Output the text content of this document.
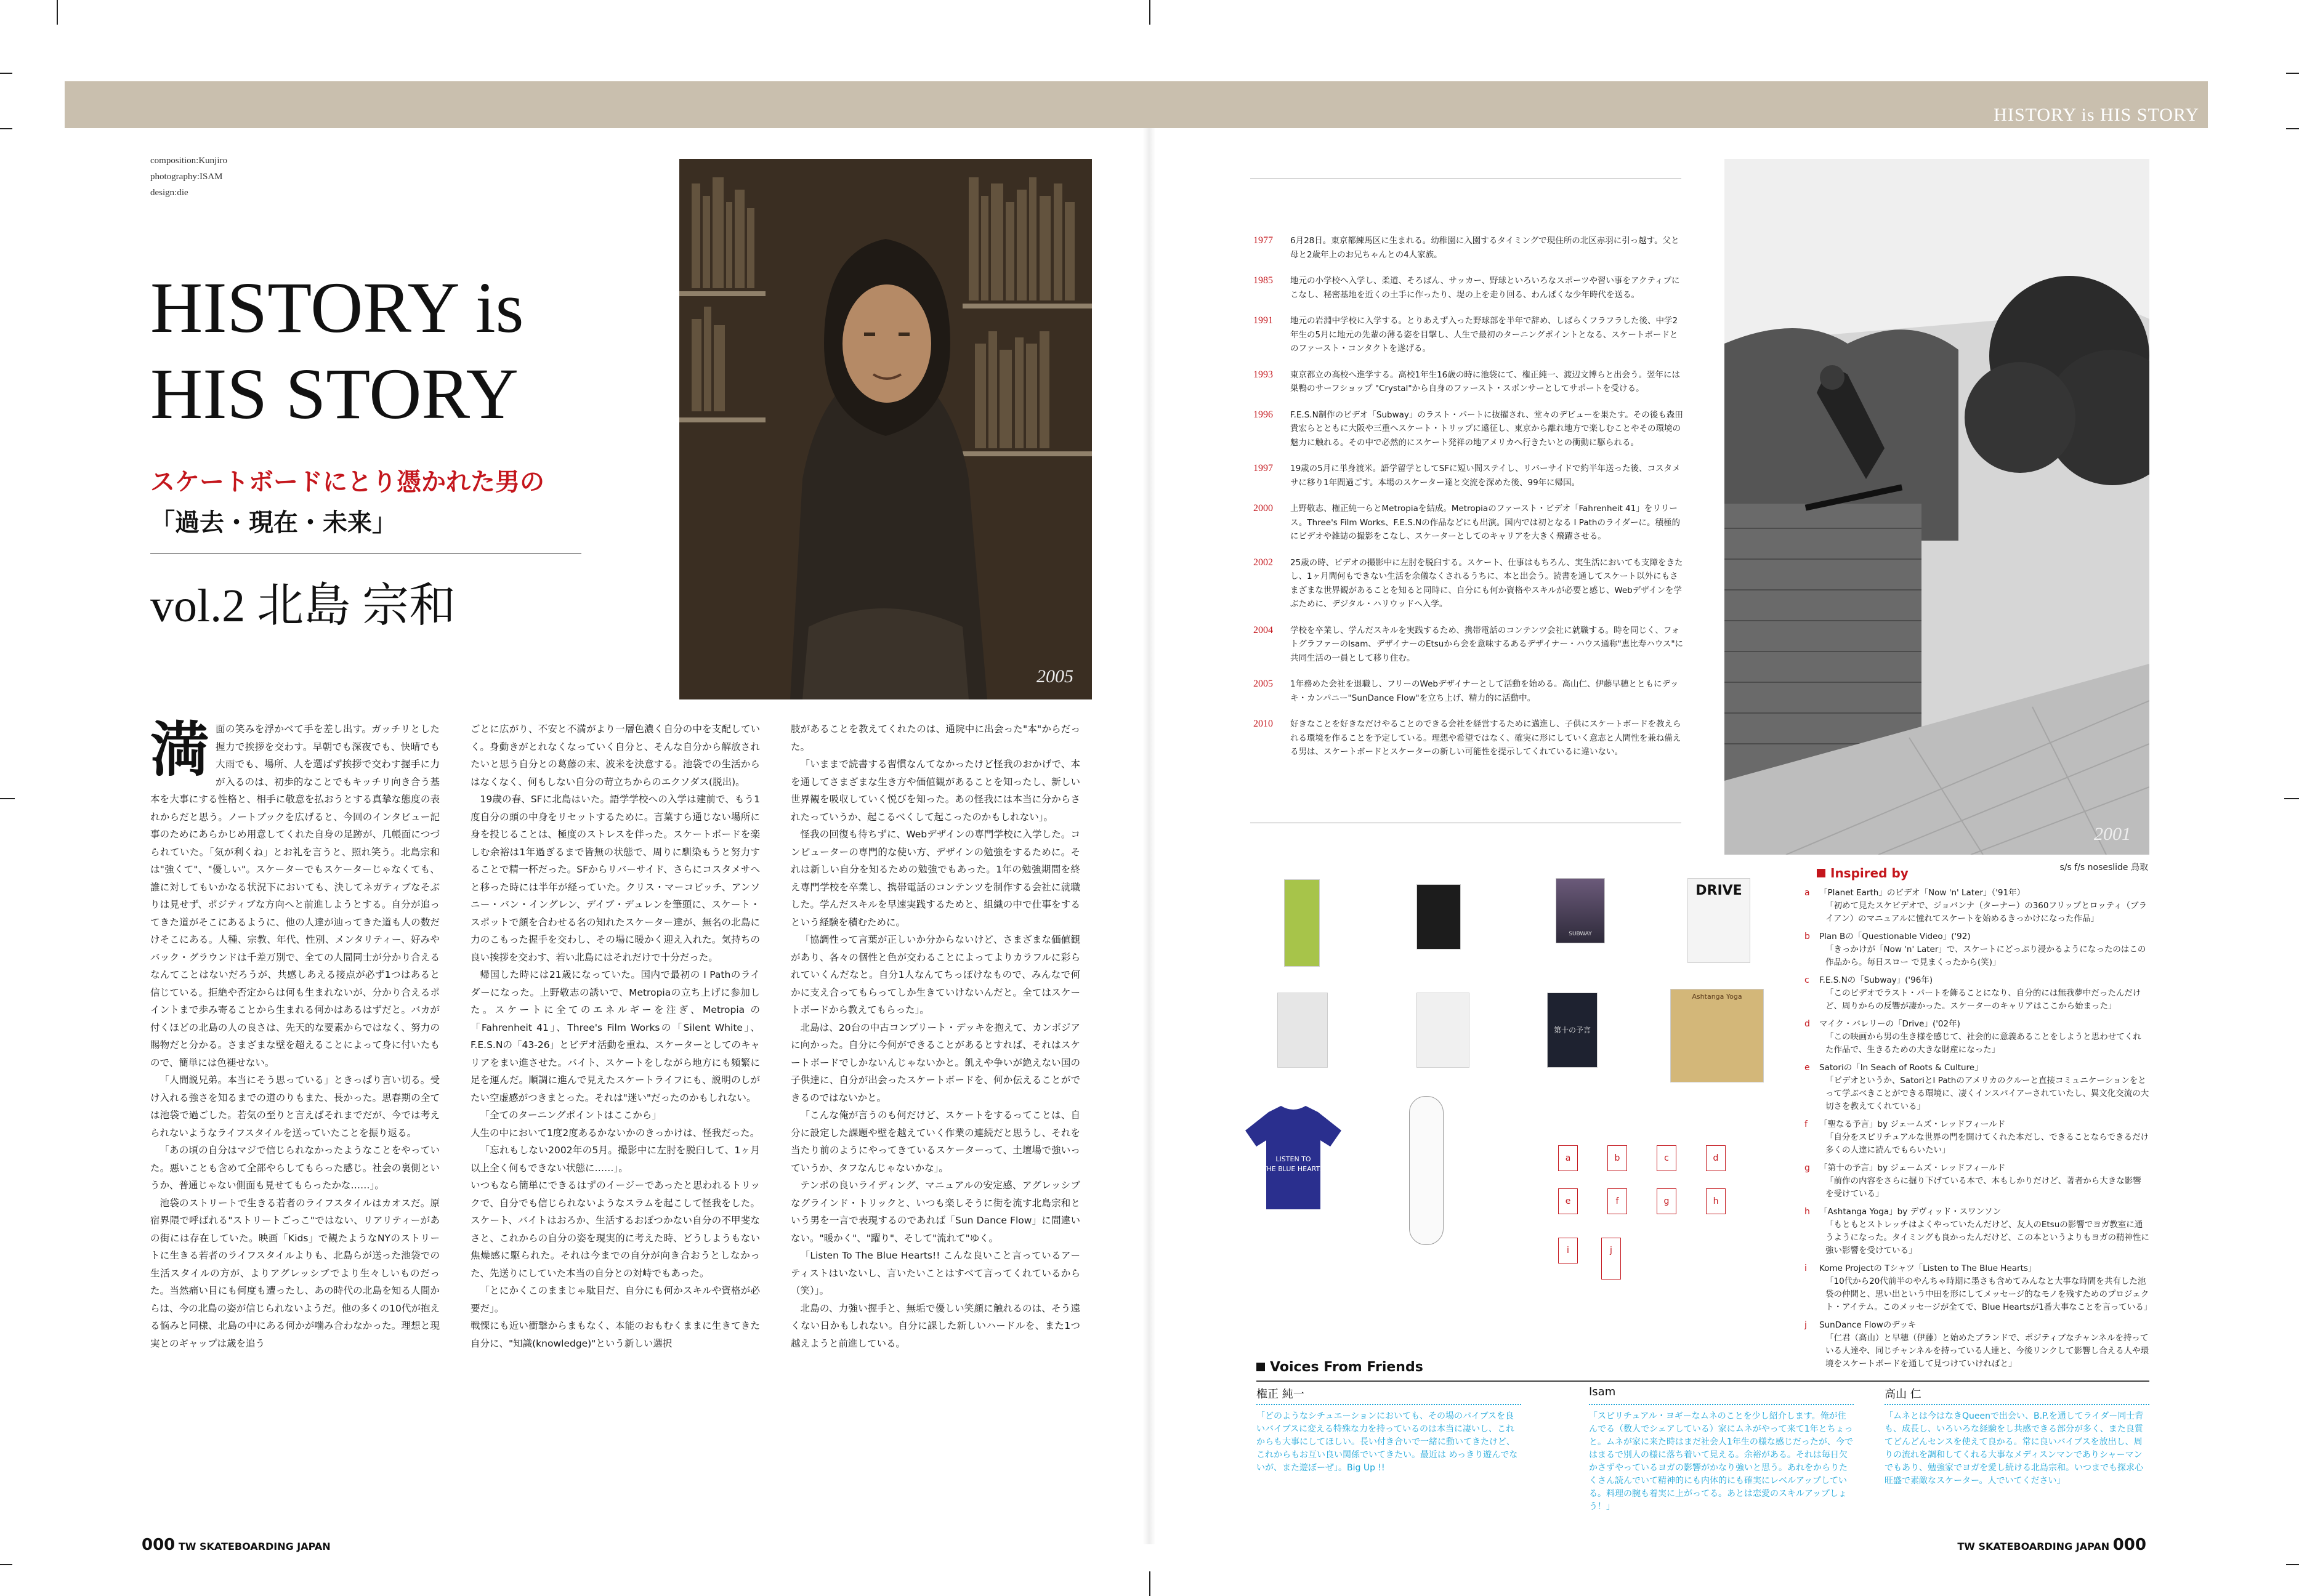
HISTORY is HIS STORY
composition:Kunjiro
photography:ISAM
design:die
HISTORY is
HIS STORY
スケートボードにとり憑かれた男の
「過去・現在・未来」
vol.2 北島 宗和
2005
満 面の笑みを浮かべて手を差し出す。ガッチリとした握力で挨拶を交わす。早朝でも深夜でも、快晴でも大雨でも、場所、人を選ばず挨拶で交わす握手に力が入るのは、初歩的なことでもキッチリ向き合う基本を大事にする性格と、相手に敬意を払おうとする真摯な態度の表れからだと思う。ノートブックを広げると、今回のインタビュー記事のためにあらかじめ用意してくれた自身の足跡が、几帳面につづられていた。「気が利くね」とお礼を言うと、照れ笑う。北島宗和は"強くて"、"優しい"。スケーターでもスケーターじゃなくても、誰に対してもいかなる状況下においても、決してネガティブなそぶりは見せず、ポジティブな方向へと前進しようとする。自分が追ってきた道がそこにあるように、他の人達が辿ってきた道も人の数だけそこにある。人種、宗教、年代、性別、メンタリティー、好みやバック・グラウンドは千差万別で、全ての人間同士が分かり合えるなんてことはないだろうが、共感しあえる接点が必ず1つはあると信じている。拒絶や否定からは何も生まれないが、分かり合えるポイントまで歩み寄ることから生まれる何かはあるはずだと。バカが付くほどの北島の人の良さは、先天的な要素からではなく、努力の賜物だと分かる。さまざまな壁を超えることによって身に付いたもので、簡単には色褪せない。

「人間説兄弟。本当にそう思っている」ときっぱり言い切る。受け入れる強さを知るまでの道のりもまた、長かった。思春期の全ては池袋で過ごした。若気の至りと言えばそれまでだが、今では考えられないようなライフスタイルを送っていたことを振り返る。

「あの頃の自分はマジで信じられなかったようなことをやっていた。悪いことも含めて全部やらしてもらった感じ。社会の裏側というか、普通じゃない側面も見せてもらったかな……」。

池袋のストリートで生きる若者のライフスタイルはカオスだ。原宿界隈で呼ばれる"ストリートごっこ"ではない、リアリティーがあの街には存在していた。映画「Kids」で観たようなNYのストリートに生きる若者のライフスタイルよりも、北島らが送った池袋での生活スタイルの方が、よりアグレッシブでより生々しいものだった。当然痛い目にも何度も遭ったし、あの時代の北島を知る人間からは、今の北島の姿が信じられないようだ。他の多くの10代が抱える悩みと同様、北島の中にある何かが噛み合わなかった。理想と現実とのギャップは歳を追う

ごとに広がり、不安と不満がより一層色濃く自分の中を支配していく。身動きがとれなくなっていく自分と、そんな自分から解放されたいと思う自分との葛藤の末、波米を決意する。池袋での生活からはなくなく、何もしない自分の苛立ちからのエクソダス(脱出)。

19歳の春、SFに北島はいた。語学学校への入学は建前で、もう1度自分の頭の中身をリセットするために。言葉すら通じない場所に身を投じることは、極度のストレスを伴った。スケートボードを楽しむ余裕は1年過ぎるまで皆無の状態で、周りに馴染もうと努力することで精一杯だった。SFからリバーサイド、さらにコスタメサへと移った時には半年が経っていた。クリス・マーコビッチ、アンソニー・バン・イングレン、デイブ・デュレンを筆頭に、スケート・スポットで顔を合わせる名の知れたスケーター達が、無名の北島に力のこもった握手を交わし、その場に暖かく迎え入れた。気持ちの良い挨拶を交わす、若い北島にはそれだけで十分だった。

帰国した時には21歳になっていた。国内で最初の I Pathのライダーになった。上野敬志の誘いで、Metropiaの立ち上げに参加した。スケートに全てのエネルギーを注ぎ、Metropia の「Fahrenheit 41」、Three's Film Worksの「Silent White」、F.E.S.Nの「43-26」とビデオ活動を重ね、スケーターとしてのキャリアをまい進させた。バイト、スケートをしながら地方にも頻繁に足を運んだ。順調に進んで見えたスケートライフにも、説明のしがたい空虚感がつきまとった。それは"迷い"だったのかもしれない。

「全てのターニングポイントはここから」

人生の中において1度2度あるかないかのきっかけは、怪我だった。

「忘れもしない2002年の5月。撮影中に左肘を脱臼して、1ヶ月以上全く何もできない状態に……」。

いつもなら簡単にできるはずのイージーであったと思われるトリックで、自分でも信じられないようなスラムを起こして怪我をした。スケート、バイトはおろか、生活するおぼつかない自分の不甲斐なさと、これからの自分の姿を現実的に考えた時、どうしようもない焦燥感に駆られた。それは今までの自分が向き合おうとしなかった、先送りにしていた本当の自分との対峙でもあった。

「とにかくこのままじゃ駄目だ、自分にも何かスキルや資格が必要だ」。

戦慄にも近い衝撃からまもなく、本能のおもむくままに生きてきた自分に、"知識(knowledge)"という新しい選択

肢があることを教えてくれたのは、通院中に出会った"本"からだった。

「いままで読書する習慣なんてなかったけど怪我のおかげで、本を通してさまざまな生き方や価値観があることを知ったし、新しい世界観を吸収していく悦びを知った。あの怪我には本当に分からされたっていうか、起こるべくして起こったのかもしれない」。

怪我の回復も待ちずに、Webデザインの専門学校に入学した。コンピューターの専門的な使い方、デザインの勉強をするために。それは新しい自分を知るための勉強でもあった。1年の勉強期間を終え専門学校を卒業し、携帯電話のコンテンツを制作する会社に就職した。学んだスキルを早速実践するためと、組織の中で仕事をするという経験を積むために。

「協調性って言葉が正しいか分からないけど、さまざまな価値観があり、各々の個性と色が交わることによってよりカラフルに彩られていくんだなと。自分1人なんてちっぽけなもので、みんなで何かに支え合ってもらってしか生きていけないんだと。全てはスケートボードから教えてもらった」。

北島は、20台の中古コンプリート・デッキを抱えて、カンボジアに向かった。自分に今何ができることがあるとすれば、それはスケートボードでしかないんじゃないかと。飢えや争いが絶えない国の子供達に、自分が出会ったスケートボードを、何か伝えることができるのではないかと。

「こんな俺が言うのも何だけど、スケートをするってことは、自分に設定した課題や壁を越えていく作業の連続だと思うし、それを当たり前のようにやってきているスケーターって、土壇場で強いっていうか、タフなんじゃないかな」。

テンポの良いライディング、マニュアルの安定感、アグレッシブなグラインド・トリックと、いつも楽しそうに街を流す北島宗和という男を一言で表現するのであれば「Sun Dance Flow」に間違いない。"暖かく"、"躍り"、そして"流れて"ゆく。

「Listen To The Blue Hearts!! こんな良いこと言っているアーティストはいないし、言いたいことはすべて言ってくれているから（笑）」。

北島の、力強い握手と、無垢で優しい笑顔に触れるのは、そう遠くない日かもしれない。自分に課した新しいハードルを、また1つ越えようと前進している。

000 TW SKATEBOARDING JAPAN
1977 6月28日。東京都練馬区に生まれる。幼稚園に入園するタイミングで現住所の北区赤羽に引っ越す。父と母と2歳年上のお兄ちゃんとの4人家族。
1985 地元の小学校へ入学し、柔道、そろばん、サッカー、野球といろいろなスポーツや習い事をアクティブにこなし、秘密基地を近くの土手に作ったり、堤の上を走り回る、わんぱくな少年時代を送る。
1991 地元の岩淵中学校に入学する。とりあえず入った野球部を半年で辞め、しばらくフラフラした後、中学2年生の5月に地元の先輩の薄る姿を目撃し、人生で最初のターニングポイントとなる、スケートボードとのファースト・コンタクトを遂げる。
1993 東京都立の高校へ進学する。高校1年生16歳の時に池袋にて、権正純一、渡辺文博らと出会う。翌年には巣鴨のサーフショップ "Crystal"から自身のファースト・スポンサーとしてサポートを受ける。
1996 F.E.S.N制作のビデオ「Subway」のラスト・パートに抜擢され、堂々のデビューを果たす。その後も森田貴宏らとともに大阪や三重へスケート・トリップに遠征し、東京から離れ地方で楽しむことやその環境の魅力に触れる。その中で必然的にスケート発祥の地アメリカへ行きたいとの衝動に駆られる。
1997 19歳の5月に単身渡米。語学留学としてSFに短い間ステイし、リバーサイドで約半年送った後、コスタメサに移り1年間過ごす。本場のスケーター達と交流を深めた後、99年に帰国。
2000 上野敬志、権正純一らとMetropiaを結成。Metropiaのファースト・ビデオ「Fahrenheit 41」をリリース。Three's Film Works、F.E.S.Nの作品などにも出演。国内では初となる I Pathのライダーに。積極的にビデオや雑誌の撮影をこなし、スケーターとしてのキャリアを大きく飛躍させる。
2002 25歳の時、ビデオの撮影中に左肘を脱臼する。スケート、仕事はもちろん、実生活においても支障をきたし、1ヶ月間何もできない生活を余儀なくされるうちに、本と出会う。読書を通してスケート以外にもさまざまな世界観があることを知ると同時に、自分にも何か資格やスキルが必要と感じ、Webデザインを学ぶために、デジタル・ハリウッドへ入学。
2004 学校を卒業し、学んだスキルを実践するため、携帯電話のコンテンツ会社に就職する。時を同じく、フォトグラファーのIsam、デザイナーのEtsuから会を意味するあるデザイナー・ハウス通称"恵比寿ハウス"に共同生活の一員として移り住む。
2005 1年務めた会社を退職し、フリーのWebデザイナーとして活動を始める。高山仁、伊藤早穂とともにデッキ・カンパニー"SunDance Flow"を立ち上げ、精力的に活動中。
2010 好きなことを好きなだけやることのできる会社を経営するために邁進し、子供にスケートボードを教えられる環境を作ることを予定している。理想や希望ではなく、確実に形にしていく意志と人間性を兼ね備える男は、スケートボードとスケーターの新しい可能性を提示してくれているに違いない。
2001
s/s f/s noseslide 鳥取
SUBWAY
DRIVE
第十の予言
Ashtanga Yoga
LISTEN TO
THE BLUE HEARTS
a	b	c	d
e	f	g	h
i	j
Inspired by
a 「Planet Earth」のビデオ「Now 'n' Later」（'91年）
「初めて見たスケビデオで、ジョバンナ（ターナー）の360フリップとロッティ（ブライアン）のマニュアルに憧れてスケートを始めるきっかけになった作品」
b Plan Bの「Questionable Video」('92)
「きっかけが「Now 'n' Later」で、スケートにどっぷり浸かるようになったのはこの作品から。毎日スロー で見まくったから(笑)」
c F.E.S.Nの「Subway」('96年)
「このビデオでラスト・パートを飾ることになり、自分的には無我夢中だったんだけど、周りからの反響が凄かった。スケーターのキャリアはここから始まった」
d マイク・バレリーの「Drive」('02年)
「この映画から男の生き様を感じて、社会的に意義あることをしようと思わせてくれた作品で、生きるための大きな財産になった」
e Satoriの「In Seach of Roots & Culture」
「ビデオというか、SatoriとI Pathのアメリカのクルーと直接コミュニケーションをとって学ぶべきことができる環境に、凄くインスパイアーされていたし、異文化交流の大切さを教えてくれている」
f 「聖なる予言」by ジェームズ・レッドフィールド
「自分をスピリチュアルな世界の門を開けてくれた本だし、できることならできるだけ多くの人達に読んでもらいたい」
g 「第十の予言」by ジェームズ・レッドフィールド
「前作の内容をさらに掘り下げている本で、本もしかりだけど、著者から大きな影響を受けている」
h 「Ashtanga Yoga」by デヴィッド・スワンソン
「もともとストレッチはよくやっていたんだけど、友人のEtsuの影響でヨガ教室に通うようになった。タイミングも良かったんだけど、この本というよりもヨガの精神性に強い影響を受けている」
i Kome Projectの Tシャツ「Listen to The Blue Hearts」
「10代から20代前半のやんちゃ時期に墨さも含めてみんなと大事な時間を共有した池袋の仲間と、思い出という中田を形にしてメッセージ的なモノを残すためのプロジェクト・アイテム。このメッセージが全てで、Blue Heartsが1番大事なことを言っている」
j SunDance Flowのデッキ
「仁君（高山）と早穂（伊藤）と始めたブランドで、ポジティブなチャンネルを持っている人達や、同じチャンネルを持っている人達と、今後リンクして影響し合える人や環境をスケートボードを通して見つけていければと」
Voices From Friends
権正 純一
「どのようなシチュエーションにおいても、その場のバイブスを良いバイブスに変える特殊な力を持っているのは本当に凄いし、これからも大事にしてほしい。長い付き合いで一緒に動いてきたけど、これからもお互い良い関係でいてきたい。最近は めっきり遊んでないが、また遊ぼーぜ」。Big Up !!
Isam
「スピリチュアル・ヨギーなムネのことを少し紹介します。俺が住んでる（数人でシェアしている）家にムネがやって来て1年とちょっと。ムネが家に来た時はまだ社会人1年生の様な感じだったが、今ではまるで別人の様に落ち着いて見える。余裕がある。それは毎日欠かさずやっているヨガの影響がかなり強いと思う。あれをからりたくさん読んでいて精神的にも内体的にも確実にレベルアップしている。料理の腕も着実に上がってる。あとは恋愛のスキルアップしょう！」
高山 仁
「ムネとは今はなきQueenで出会い、B.P.を通してライダー同士背も、成長し、いろいろな経験をし共感できる部分が多く、また良質てどんどんセンスを使えて良かる。常に良いバイブスを放出し、周りの流れを調和してくれる大事なメディスンマンでありシャーマンでもあり、勉強家でヨガを愛し続ける北島宗和。いつまでも探求心旺盛で素敵なスケーター。人でいてください」
TW SKATEBOARDING JAPAN 000
